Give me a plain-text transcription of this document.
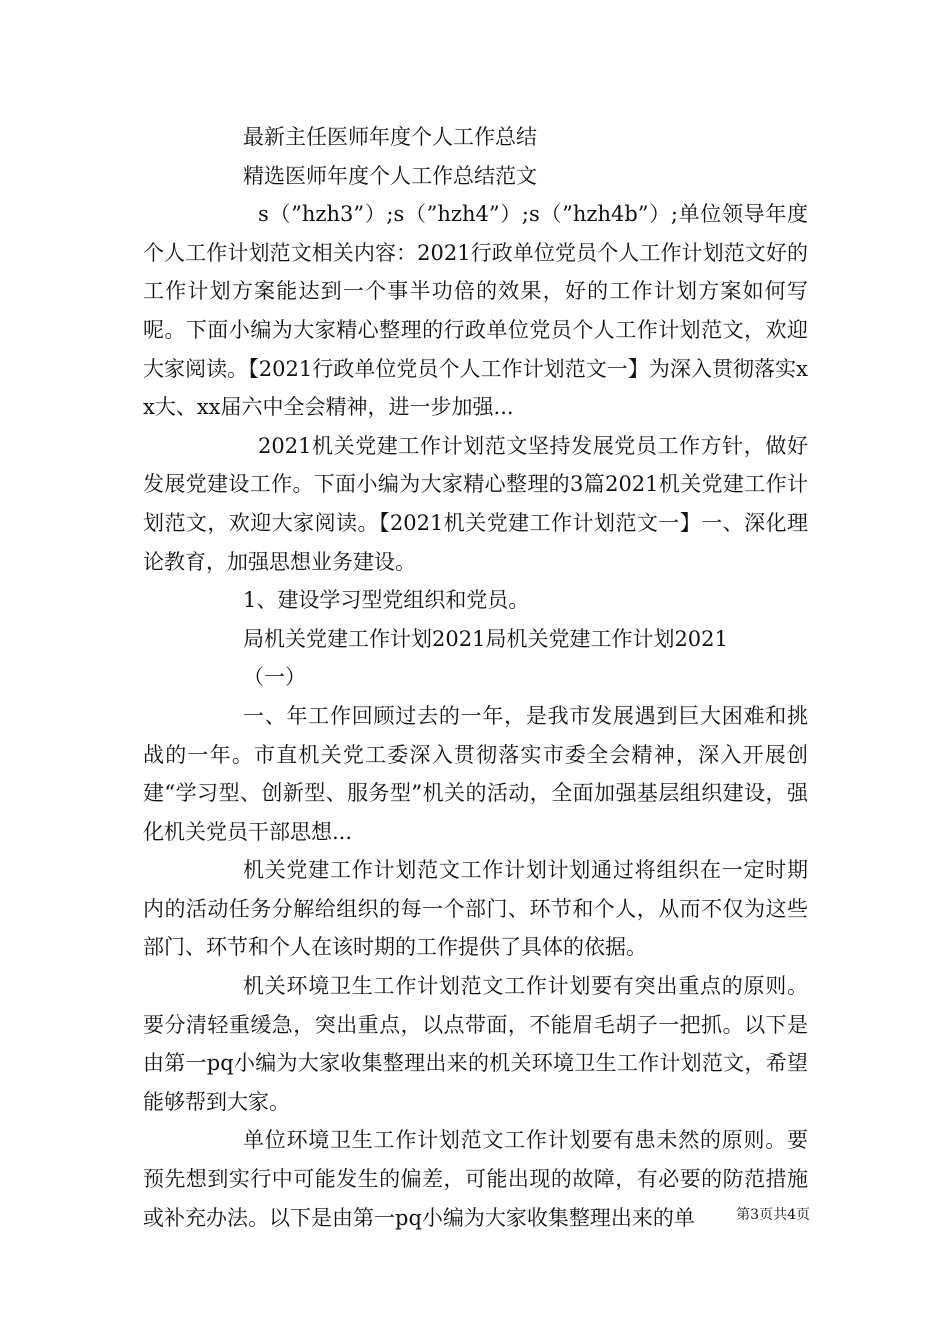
最新主任医师年度个人工作总结

精选医师年度个人工作总结范文

s（”hzh3”）;s（”hzh4”）;s（”hzh4b”）;单位领导年度个人工作计划范文相关内容：2021行政单位党员个人工作计划范文好的工作计划方案能达到一个事半功倍的效果，好的工作计划方案如何写呢。下面小编为大家精心整理的行政单位党员个人工作计划范文，欢迎大家阅读。【2021行政单位党员个人工作计划范文一】为深入贯彻落实xx大、xx届六中全会精神，进一步加强...

2021机关党建工作计划范文坚持发展党员工作方针，做好发展党建设工作。下面小编为大家精心整理的3篇2021机关党建工作计划范文，欢迎大家阅读。【2021机关党建工作计划范文一】一、深化理论教育，加强思想业务建设。

1、建设学习型党组织和党员。

局机关党建工作计划2021局机关党建工作计划2021

（一）

一、年工作回顾过去的一年，是我市发展遇到巨大困难和挑战的一年。市直机关党工委深入贯彻落实市委全会精神，深入开展创建“学习型、创新型、服务型”机关的活动，全面加强基层组织建设，强化机关党员干部思想...

机关党建工作计划范文工作计划计划通过将组织在一定时期内的活动任务分解给组织的每一个部门、环节和个人，从而不仅为这些部门、环节和个人在该时期的工作提供了具体的依据。

机关环境卫生工作计划范文工作计划要有突出重点的原则。要分清轻重缓急，突出重点，以点带面，不能眉毛胡子一把抓。以下是由第一pq小编为大家收集整理出来的机关环境卫生工作计划范文，希望能够帮到大家。

单位环境卫生工作计划范文工作计划要有患未然的原则。要预先想到实行中可能发生的偏差，可能出现的故障，有必要的防范措施或补充办法。以下是由第一pq小编为大家收集整理出来的单	第3页共4页
